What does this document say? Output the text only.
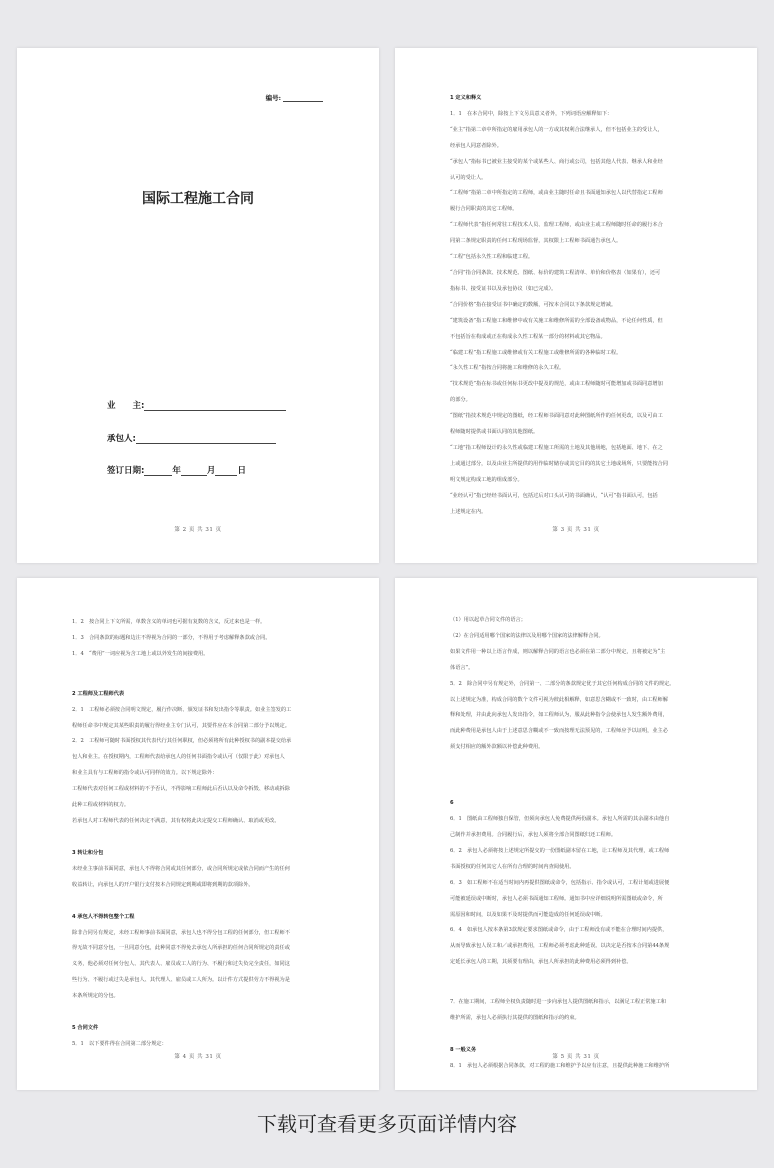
编号:
国际工程施工合同
业　　主:
承包人:
签订日期:	年	月	日
第 2 页 共 31 页

1 定义和释义

1．1　在本合同中，除按上下文另具意义者外，下列词语应解释如下：

“业主”指第二章中所指定的雇用承包人的一方或其权利合法继承人，但不包括业主的受让人，

经承包人同意者除外。

“承包人”指标书已被业主接受的某个或某些人、商行或公司，包括其他人代表、继承人和业经

认可的受让人。

“工程师”指第二章中所指定的工程师，或由业主随时任命且书面通知承包人以代替指定工程师

履行合同职责的其它工程师。

“工程师代表”指任何常驻工程技术人员、监理工程师，或由业主或工程师随时任命的履行本合

同第二条规定职责的任何工程现场监督，其权限上工程师书面通告承包人。

“工程”包括永久性工程和临建工程。

“合同”指合同条款、技术规范、图纸、标价的建筑工程清单、单价和价格表（如果有），还可

指标书、接受证书以及承包协议（如已完成）。

“合同价格”指在接受证书中确定的数额，可按本合同以下条款规定增减。

“建筑设备”指工程施工和维修中或有关施工和维修所需的全部设备或物品，不论任何性质，但

不包括旨在构成或正在构成永久性工程某一部分的材料或其它物品。

“临建工程”指工程施工或维修或有关工程施工或维修所需的各种临时工程。

“永久性工程”指按合同将施工和维修的永久工程。

“技术规范”指在标书或任何标书更改中提及的规范，或由工程师随时可能增加或书面同意增加

的部分。

“图纸”指技术规范中规定的图纸，经工程师书面同意对此种图纸所作的任何更改，以及可由工

程师随时提供或书面认同的其他图纸。

“工地”指工程师设计的永久性或临建工程施工所需的土地及其他场地，包括地面、地下、在之

上或通过部分，以及由业主所提供的用作临时储存或其它目的的其它土地或场所，只要能按合同

明文规定构成工地的组成部分。

“业经认可”指已经经书面认可，包括过后对口头认可的书面确认，“认可”指书面认可，包括

上述规定在内。

第 3 页 共 31 页

1．2　按合同上下文所需，单数含义的单词也可据有复数的含义，反过来也是一样。

1．3　合同条款的标题和边注不得视为合同的一部分，不得用于考虑解释条款或合同。

1．4　“费用”一词应视为含工地上或以外发生的间接费用。

2 工程师及工程师代表

2．1　工程师必须按合同明文规定，履行作决断、颁发证书和发出指令等职责。如业主签发的工

程师任命书中规定其某些职责的履行得经业主专门认可，其要件应在本合同第二部分予以规定。

2．2　工程师可随时书面授权其代表代行其任何职权，但必须将所有此种授权书的副本提交给承

包人和业主。在授权期内，工程师代表给承包人的任何书面指令或认可（仅限于此）对承包人

和业主具有与工程师的指令或认可同样的效力。以下规定除外：

工程师代表对任何工程或材料的不予否认，不得影响工程师此后否认以及命令拆毁、移动或拆除

此种工程或材料的权力。

若承包人对工程师代表的任何决定不满意，其有权将此决定提交工程师确认、取消或更改。

3 转让和分包

未经业主事前书面同意，承包人不得将合同或其任何部分，或合同所规定或依合同而产生的任何

收益转让，向承包人的开户银行支付按本合同规定到期或即将到期的款项除外。

4 承包人不得转包整个工程

除非合同另有规定，未经工程师事前书面同意，承包人也不得分包工程的任何部分，但工程师不

得无故不同意分包，一旦同意分包，此种同意不得免去承包人所承担的任何合同所规定的责任或

义务，他必须对任何分包人、其代表人、雇员或工人的行为、不履行和过失负完全责任，如同这

些行为、不履行或过失是承包人、其代理人、雇员或工人所为。以计件方式提供劳力不得视为是

本条所规定的分包。

5 合同文件

5．1　以下要件得在合同第二部分规定：

第 4 页 共 31 页

（1）用以起草合同文件的语言；

（2）在合同适用哪个国家的法律以及用哪个国家的法律解释合同。

如果文件用一种以上语言作成，则以解释合同的语言也必须在第二部分中规定，且将被定为“主

体语言”。

5．2　除合同中另有规定外，合同第一、二部分的条款规定优于其它任何构成合同的文件的规定。

以上述规定为准，构成合同的数个文件可视为彼此相解释，如意思含糊或不一致时，由工程师解

释和处理，并由此向承包人发出指令，如工程师认为，服从此种指令会使承包人发生额外费用，

而此种费用是承包人由于上述意思含糊或不一致而按理无法预见的，工程师应予以证明，业主必

须支付相应的额外款额以补偿此种费用。

6

6．1　图纸由工程师独自保管，但须向承包人免费提供两份副本。承包人所需的其余副本由他自

己制作并承担费用。合同履行后，承包人须将全部合同图纸归还工程师。

6．2　承包人必须将按上述规定所提交的一份图纸副本留在工地，让工程师及其代理，或工程师

书面授权的任何其它人在所有合理的时间内查阅使用。

6．3　如工程师不在适当时间内再提供图纸或命令，包括指示、指令或认可，工程计划或进展便

可能被延误或中断时，承包人必须书面通知工程师。通知书中应详细说明所需图纸或命令，所

需原因和时间，以及如果不及时提供而可能造成的任何延误或中断。

6．4　如承包人按本条第3款规定要求图纸或命令，由于工程师没有或不能在合理时间内提供，

从而导致承包人误工和／或承担费用，工程师必须考虑此种延误。以决定是否按本合同第44条规

定延长承包人的工期，其须要有理由，承包人所承担的此种费用必须得到补偿。

7．在施工期间，工程师全权负责随时进一步向承包人提供图纸和指示，以满足工程正常施工和

维护所需，承包人必须执行其提供的图纸和指示的约束。

8 一般义务

8．1　承包人必须根据合同条款，对工程的施工和维护予以应有注意，且提供此种施工和维护所

第 5 页 共 31 页
下载可查看更多页面详情内容
